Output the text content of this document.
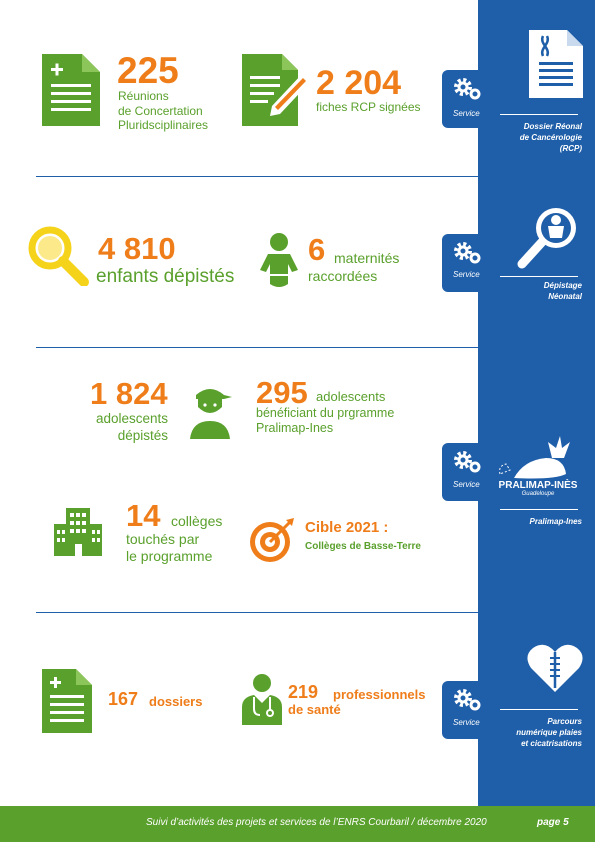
225
Réunions
de Concertation
Pluridsciplinaires
2 204
fiches RCP signées	Service
Dossier Réonal
de Cancérologie
(RCP)
4 810
enfants dépistés
6 maternités
raccordées	Service
Dépistage
Néonatal
1 824
adolescents
dépistés
295 adolescents
bénéficiant du prgramme
Pralimap-Ines
14 collèges
touchés par
le programme
Cible 2021 :
Collèges de Basse-Terre
Service PRALIMAP-INÈS
Guadeloupe
Pralimap-Ines
167 dossiers	219 professionnels
de santé
Service	Parcours
numérique plaies
et cicatrisations
Suivi d’activités des projets et services de l’ENRS Courbaril / décembre 2020	page 5
